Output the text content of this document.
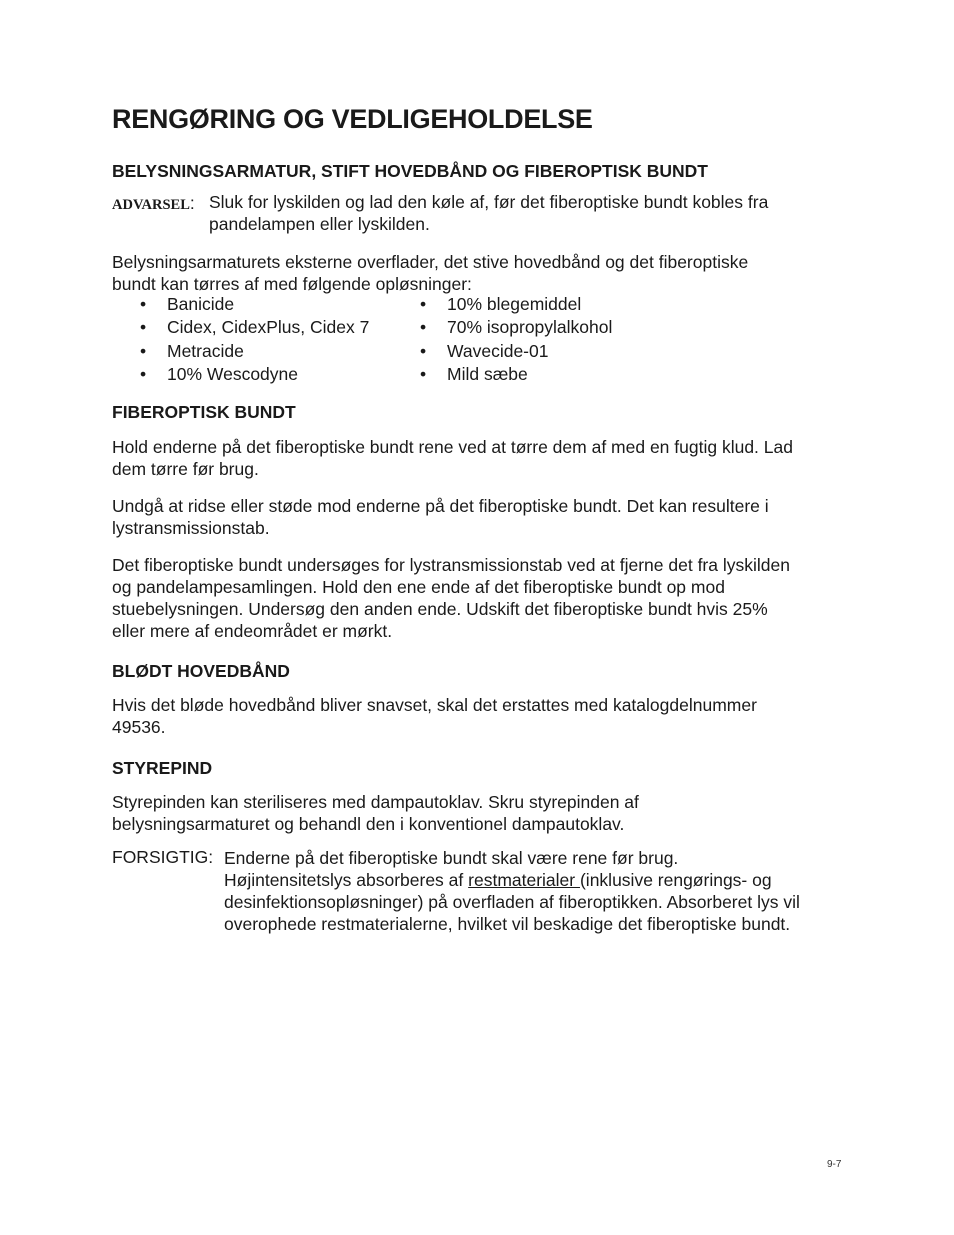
RENGØRING OG VEDLIGEHOLDELSE
BELYSNINGSARMATUR, STIFT HOVEDBÅND OG FIBEROPTISK BUNDT
ADVARSEL: Sluk for lyskilden og lad den køle af, før det fiberoptiske bundt kobles fra
pandelampen eller lyskilden.
Belysningsarmaturets eksterne overflader, det stive hovedbånd og det fiberoptiske
bundt kan tørres af med følgende opløsninger:
• Banicide
• Cidex, CidexPlus, Cidex 7
• Metracide
• 10% Wescodyne
• 10% blegemiddel
• 70% isopropylalkohol
• Wavecide-01
• Mild sæbe
FIBEROPTISK BUNDT
Hold enderne på det fiberoptiske bundt rene ved at tørre dem af med en fugtig klud. Lad
dem tørre før brug.
Undgå at ridse eller støde mod enderne på det fiberoptiske bundt. Det kan resultere i
lystransmissionstab.
Det fiberoptiske bundt undersøges for lystransmissionstab ved at fjerne det fra lyskilden
og pandelampesamlingen. Hold den ene ende af det fiberoptiske bundt op mod
stuebelysningen. Undersøg den anden ende. Udskift det fiberoptiske bundt hvis 25%
eller mere af endeområdet er mørkt.
BLØDT HOVEDBÅND
Hvis det bløde hovedbånd bliver snavset, skal det erstattes med katalogdelnummer
49536.
STYREPIND
Styrepinden kan steriliseres med dampautoklav. Skru styrepinden af
belysningsarmaturet og behandl den i konventionel dampautoklav.
FORSIGTIG: Enderne på det fiberoptiske bundt skal være rene før brug.
Højintensitetslys absorberes af restmaterialer (inklusive rengørings- og
desinfektionsopløsninger) på overfladen af fiberoptikken. Absorberet lys vil
overophede restmaterialerne, hvilket vil beskadige det fiberoptiske bundt.
9-7
